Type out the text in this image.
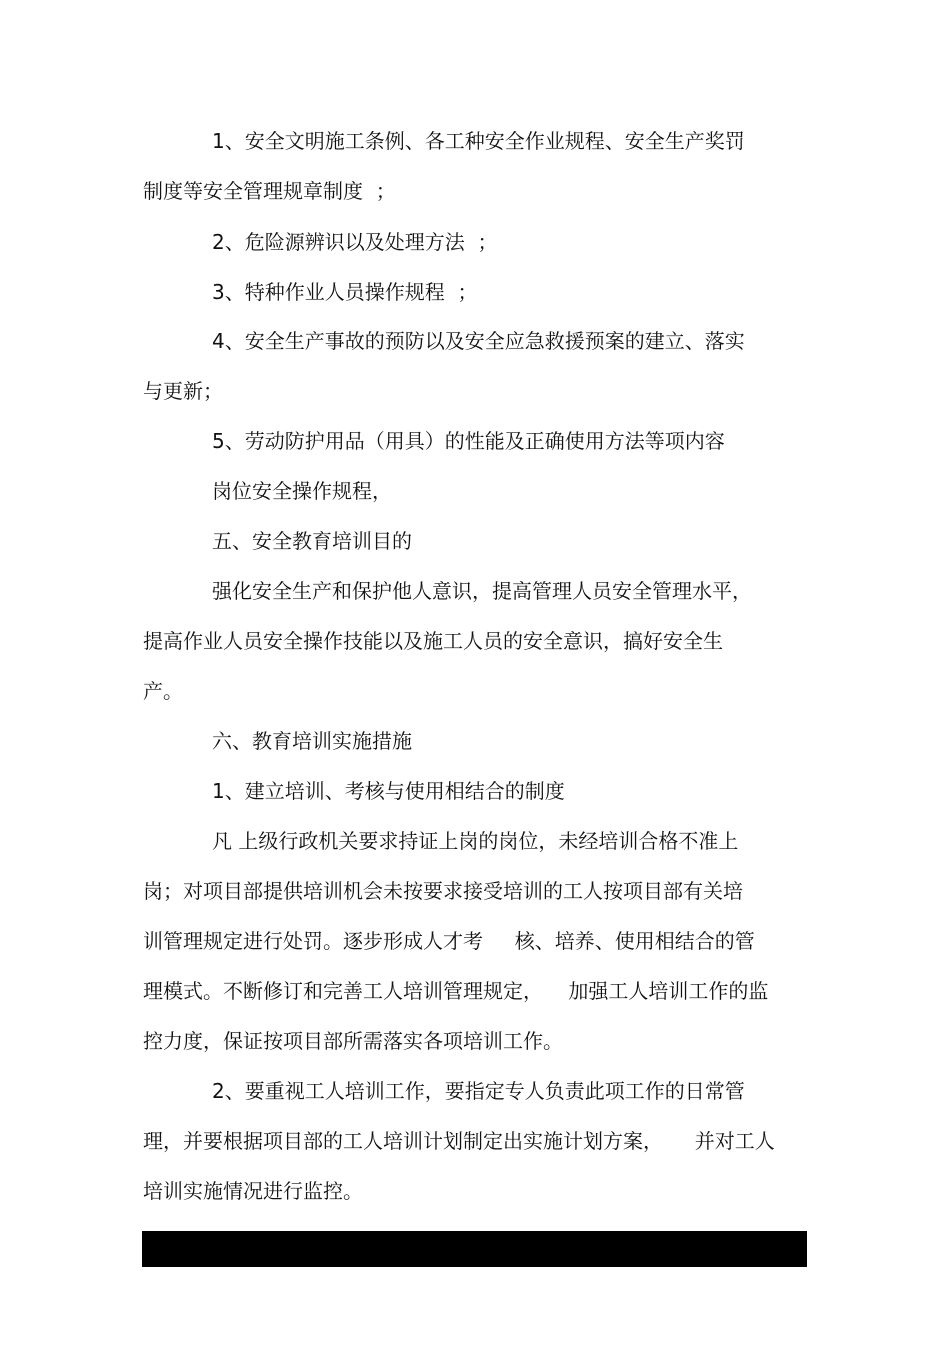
1、安全文明施工条例、各工种安全作业规程、安全生产奖罚
制度等安全管理规章制度  ；
2、危险源辨识以及处理方法  ；
3、特种作业人员操作规程  ；
4、安全生产事故的预防以及安全应急救援预案的建立、落实
与更新；
5、劳动防护用品（用具）的性能及正确使用方法等项内容
岗位安全操作规程，
五、安全教育培训目的
强化安全生产和保护他人意识，提高管理人员安全管理水平，
提高作业人员安全操作技能以及施工人员的安全意识，搞好安全生
产。
六、教育培训实施措施
1、建立培训、考核与使用相结合的制度
凡 上级行政机关要求持证上岗的岗位，未经培训合格不准上
岗；对项目部提供培训机会未按要求接受培训的工人按项目部有关培
训管理规定进行处罚。逐步形成人才考     核、培养、使用相结合的管
理模式。不断修订和完善工人培训管理规定，    加强工人培训工作的监
控力度，保证按项目部所需落实各项培训工作。
2、要重视工人培训工作，要指定专人负责此项工作的日常管
理，并要根据项目部的工人培训计划制定出实施计划方案，     并对工人
培训实施情况进行监控。
